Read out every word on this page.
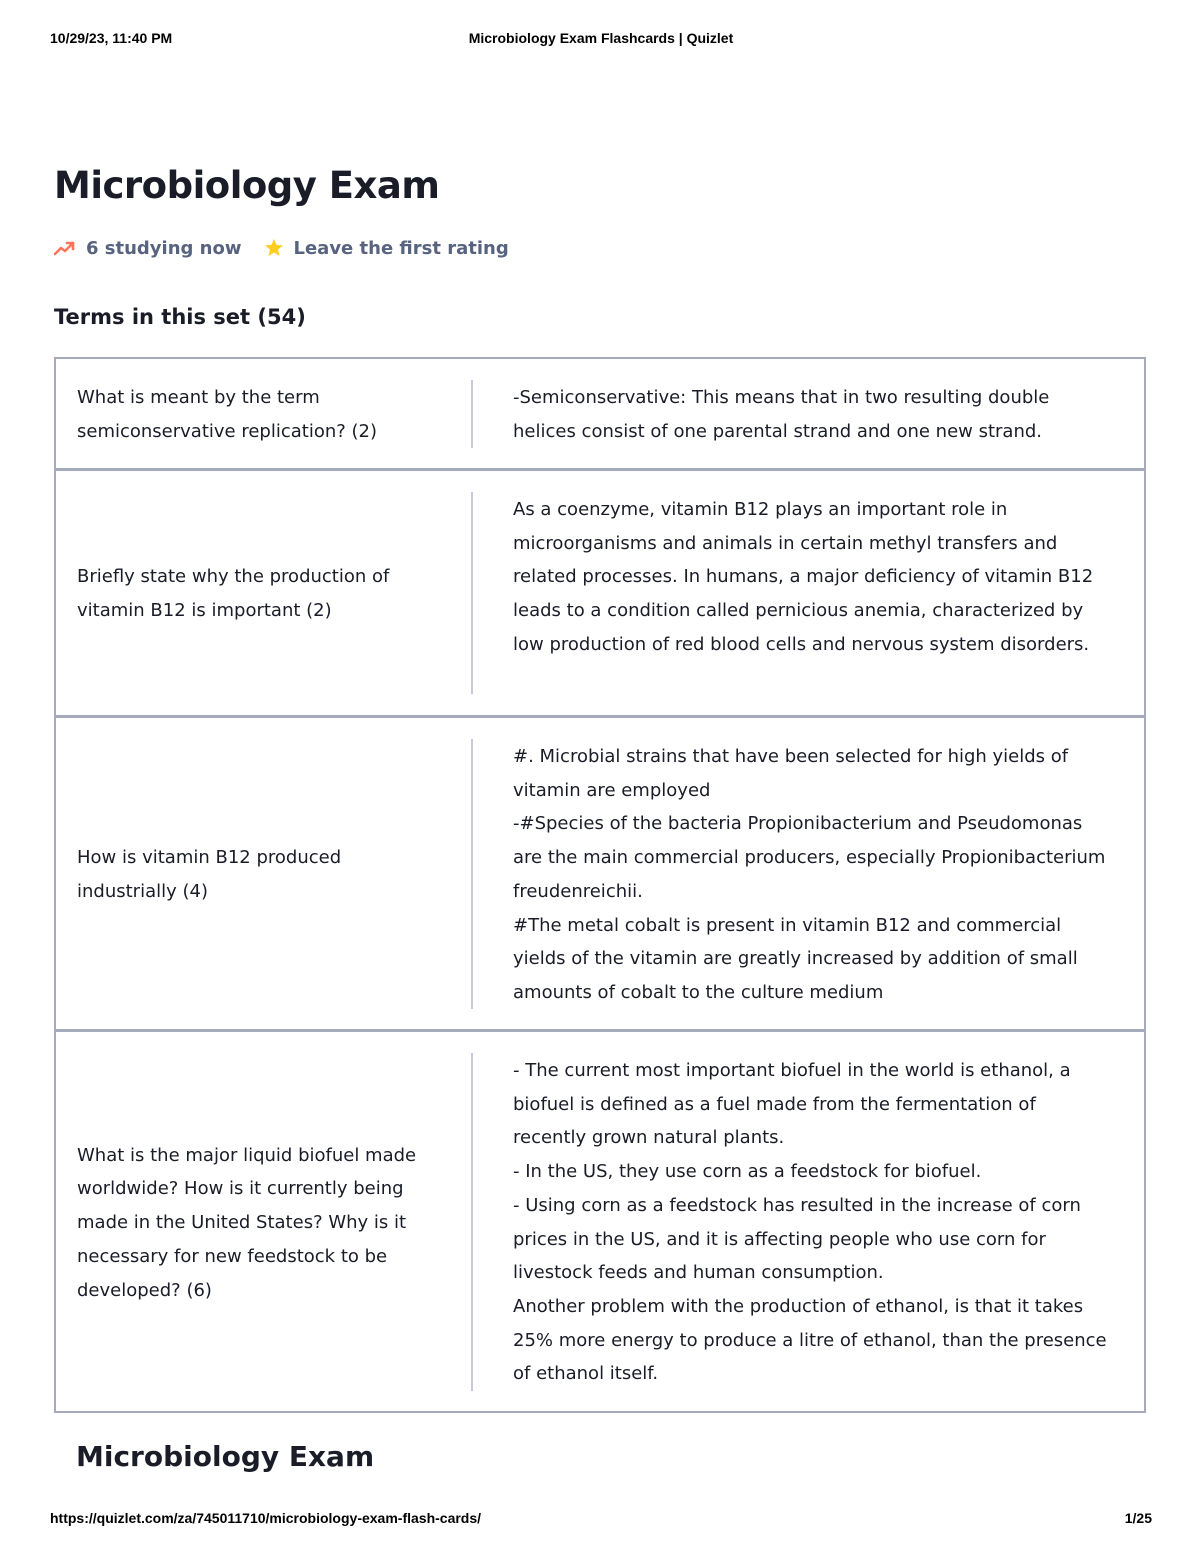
10/29/23, 11:40 PM	Microbiology Exam Flashcards | Quizlet
Microbiology Exam
6 studying now	Leave the first rating
Terms in this set (54)
What is meant by the term semiconservative replication? (2)
-Semiconservative: This means that in two resulting double helices consist of one parental strand and one new strand.
Briefly state why the production of vitamin B12 is important (2)
As a coenzyme, vitamin B12 plays an important role in microorganisms and animals in certain methyl transfers and related processes. In humans, a major deficiency of vitamin B12 leads to a condition called pernicious anemia, characterized by low production of red blood cells and nervous system disorders.
How is vitamin B12 produced industrially (4)
#. Microbial strains that have been selected for high yields of vitamin are employed
-#Species of the bacteria Propionibacterium and Pseudomonas are the main commercial producers, especially Propionibacterium freudenreichii.
#The metal cobalt is present in vitamin B12 and commercial yields of the vitamin are greatly increased by addition of small amounts of cobalt to the culture medium
What is the major liquid biofuel made worldwide? How is it currently being made in the United States? Why is it necessary for new feedstock to be developed? (6)
- The current most important biofuel in the world is ethanol, a biofuel is defined as a fuel made from the fermentation of recently grown natural plants.
- In the US, they use corn as a feedstock for biofuel.
- Using corn as a feedstock has resulted in the increase of corn prices in the US, and it is affecting people who use corn for livestock feeds and human consumption.
Another problem with the production of ethanol, is that it takes 25% more energy to produce a litre of ethanol, than the presence of ethanol itself.
Microbiology Exam
https://quizlet.com/za/745011710/microbiology-exam-flash-cards/	1/25
